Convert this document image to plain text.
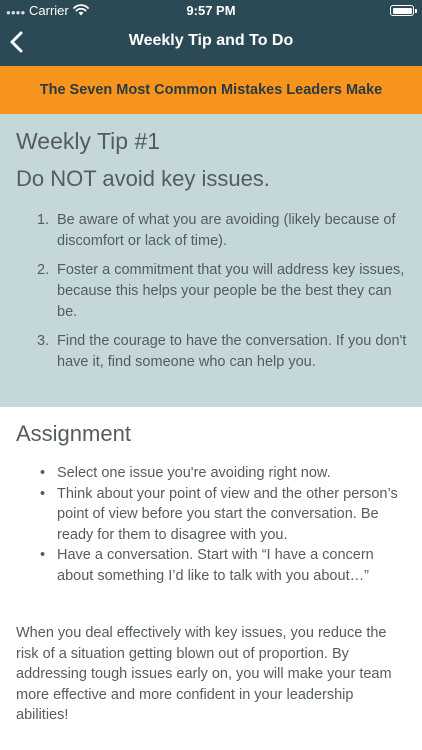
●●●● Carrier	9:57 PM
Weekly Tip and To Do
The Seven Most Common Mistakes Leaders Make
Weekly Tip #1
Do NOT avoid key issues.
1. Be aware of what you are avoiding (likely because of discomfort or lack of time).
2. Foster a commitment that you will address key issues, because this helps your people be the best they can be.
3. Find the courage to have the conversation. If you don't have it, find someone who can help you.
Assignment
• Select one issue you're avoiding right now.
• Think about your point of view and the other person’s point of view before you start the conversation. Be ready for them to disagree with you.
• Have a conversation. Start with “I have a concern about something I’d like to talk with you about…”

When you deal effectively with key issues, you reduce the risk of a situation getting blown out of proportion. By addressing tough issues early on, you will make your team more effective and more confident in your leadership abilities!
